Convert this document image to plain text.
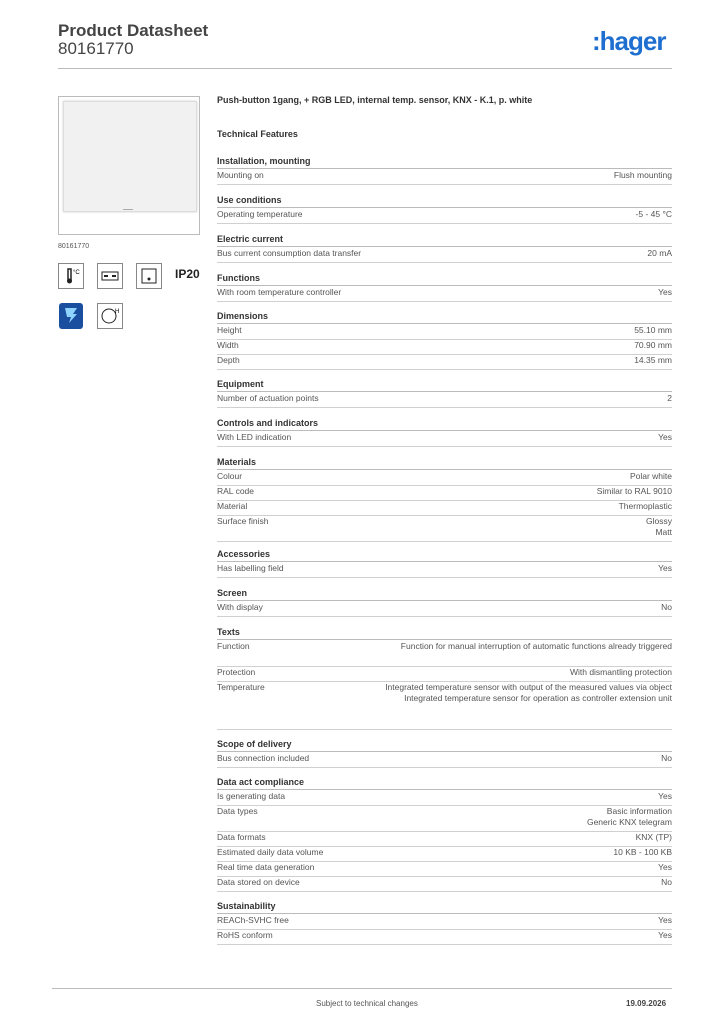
Product Datasheet
80161770	:hager
80161770
°C	IP20
H
Push-button 1gang, + RGB LED, internal temp. sensor, KNX - K.1, p. white
Technical Features
Installation, mounting
Mounting on	Flush mounting
Use conditions
Operating temperature	-5 - 45 °C
Electric current
Bus current consumption data transfer	20 mA
Functions
With room temperature controller	Yes
Dimensions
Height	55.10 mm
Width	70.90 mm
Depth	14.35 mm
Equipment
Number of actuation points	2
Controls and indicators
With LED indication	Yes
Materials
Colour	Polar white
RAL code	Similar to RAL 9010
Material	Thermoplastic
Surface finish	Glossy
Matt
Accessories
Has labelling field	Yes
Screen
With display	No
Texts
Function	Function for manual interruption of automatic functions already triggered
Protection	With dismantling protection
Temperature	Integrated temperature sensor with output of the measured values via object
Integrated temperature sensor for operation as controller extension unit
Scope of delivery
Bus connection included	No
Data act compliance
Is generating data	Yes
Data types	Basic information
Generic KNX telegram
Data formats	KNX (TP)
Estimated daily data volume	10 KB - 100 KB
Real time data generation	Yes
Data stored on device	No
Sustainability
REACh-SVHC free	Yes
RoHS conform	Yes
Subject to technical changes	19.09.2026
